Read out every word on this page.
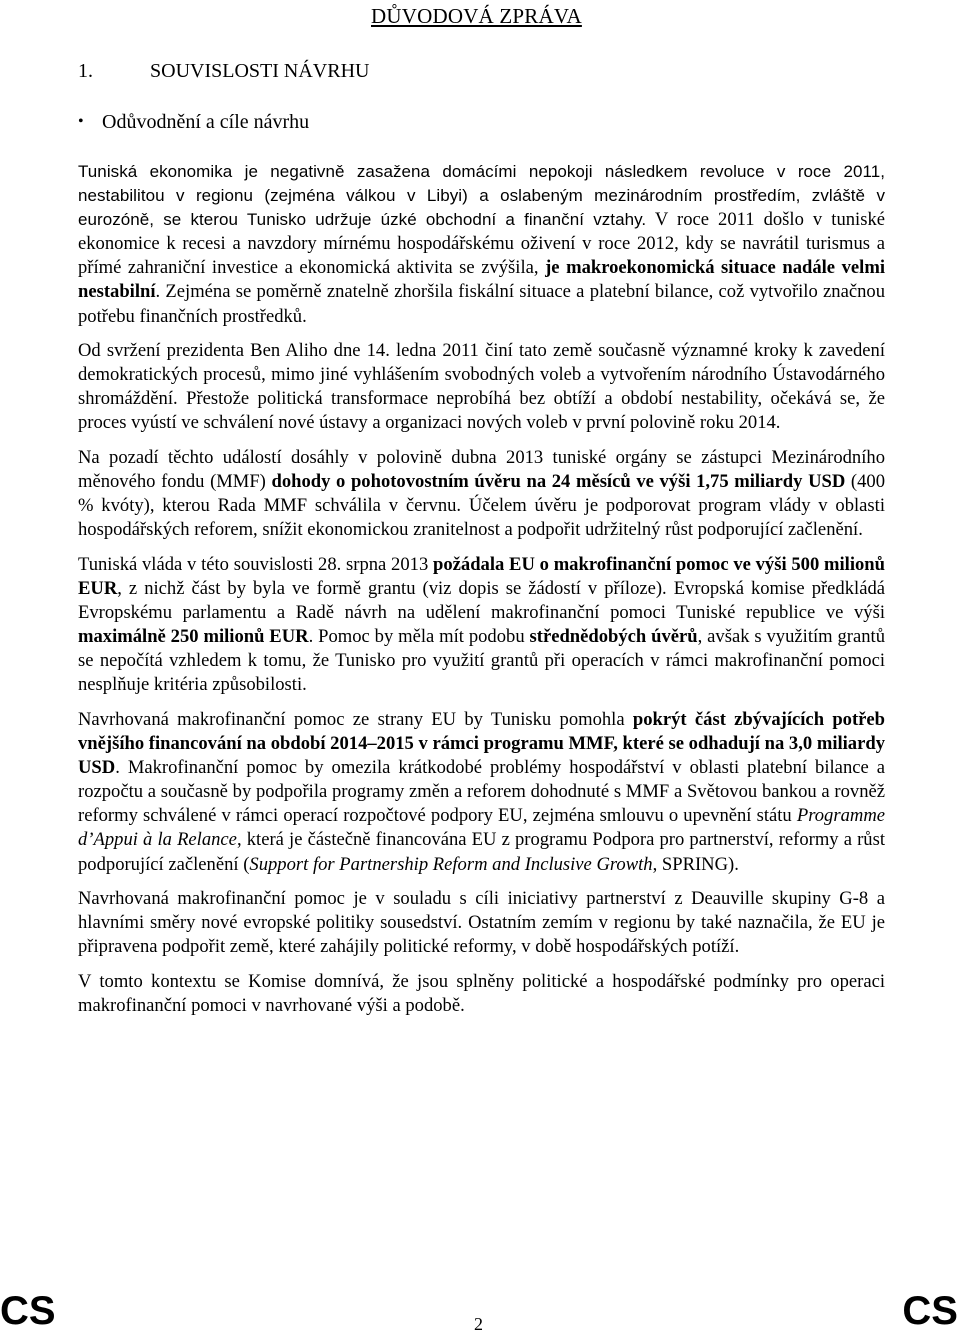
DŮVODOVÁ ZPRÁVA
1.	SOUVISLOSTI NÁVRHU
• Odůvodnění a cíle návrhu

Tuniská ekonomika je negativně zasažena domácími nepokoji následkem revoluce v roce 2011, nestabilitou v regionu (zejména válkou v Libyi) a oslabeným mezinárodním prostředím, zvláště v eurozóně, se kterou Tunisko udržuje úzké obchodní a finanční vztahy. V roce 2011 došlo v tuniské ekonomice k recesi a navzdory mírnému hospodářskému oživení v roce 2012, kdy se navrátil turismus a přímé zahraniční investice a ekonomická aktivita se zvýšila, je makroekonomická situace nadále velmi nestabilní. Zejména se poměrně znatelně zhoršila fiskální situace a platební bilance, což vytvořilo značnou potřebu finančních prostředků.

Od svržení prezidenta Ben Aliho dne 14. ledna 2011 činí tato země současně významné kroky k zavedení demokratických procesů, mimo jiné vyhlášením svobodných voleb a vytvořením národního Ústavodárného shromáždění. Přestože politická transformace neprobíhá bez obtíží a období nestability, očekává se, že proces vyústí ve schválení nové ústavy a organizaci nových voleb v první polovině roku 2014.

Na pozadí těchto událostí dosáhly v polovině dubna 2013 tuniské orgány se zástupci Mezinárodního měnového fondu (MMF) dohody o pohotovostním úvěru na 24 měsíců ve výši 1,75 miliardy USD (400 % kvóty), kterou Rada MMF schválila v červnu. Účelem úvěru je podporovat program vlády v oblasti hospodářských reforem, snížit ekonomickou zranitelnost a podpořit udržitelný růst podporující začlenění.

Tuniská vláda v této souvislosti 28. srpna 2013 požádala EU o makrofinanční pomoc ve výši 500 milionů EUR, z nichž část by byla ve formě grantu (viz dopis se žádostí v příloze). Evropská komise předkládá Evropskému parlamentu a Radě návrh na udělení makrofinanční pomoci Tuniské republice ve výši maximálně 250 milionů EUR. Pomoc by měla mít podobu střednědobých úvěrů, avšak s využitím grantů se nepočítá vzhledem k tomu, že Tunisko pro využití grantů při operacích v rámci makrofinanční pomoci nesplňuje kritéria způsobilosti.

Navrhovaná makrofinanční pomoc ze strany EU by Tunisku pomohla pokrýt část zbývajících potřeb vnějšího financování na období 2014–2015 v rámci programu MMF, které se odhadují na 3,0 miliardy USD. Makrofinanční pomoc by omezila krátkodobé problémy hospodářství v oblasti platební bilance a rozpočtu a současně by podpořila programy změn a reforem dohodnuté s MMF a Světovou bankou a rovněž reformy schválené v rámci operací rozpočtové podpory EU, zejména smlouvu o upevnění státu Programme d’Appui à la Relance, která je částečně financována EU z programu Podpora pro partnerství, reformy a růst podporující začlenění (Support for Partnership Reform and Inclusive Growth, SPRING).

Navrhovaná makrofinanční pomoc je v souladu s cíli iniciativy partnerství z Deauville skupiny G-8 a hlavními směry nové evropské politiky sousedství. Ostatním zemím v regionu by také naznačila, že EU je připravena podpořit země, které zahájily politické reformy, v době hospodářských potíží.

V tomto kontextu se Komise domnívá, že jsou splněny politické a hospodářské podmínky pro operaci makrofinanční pomoci v navrhované výši a podobě.

CS	2	CS
